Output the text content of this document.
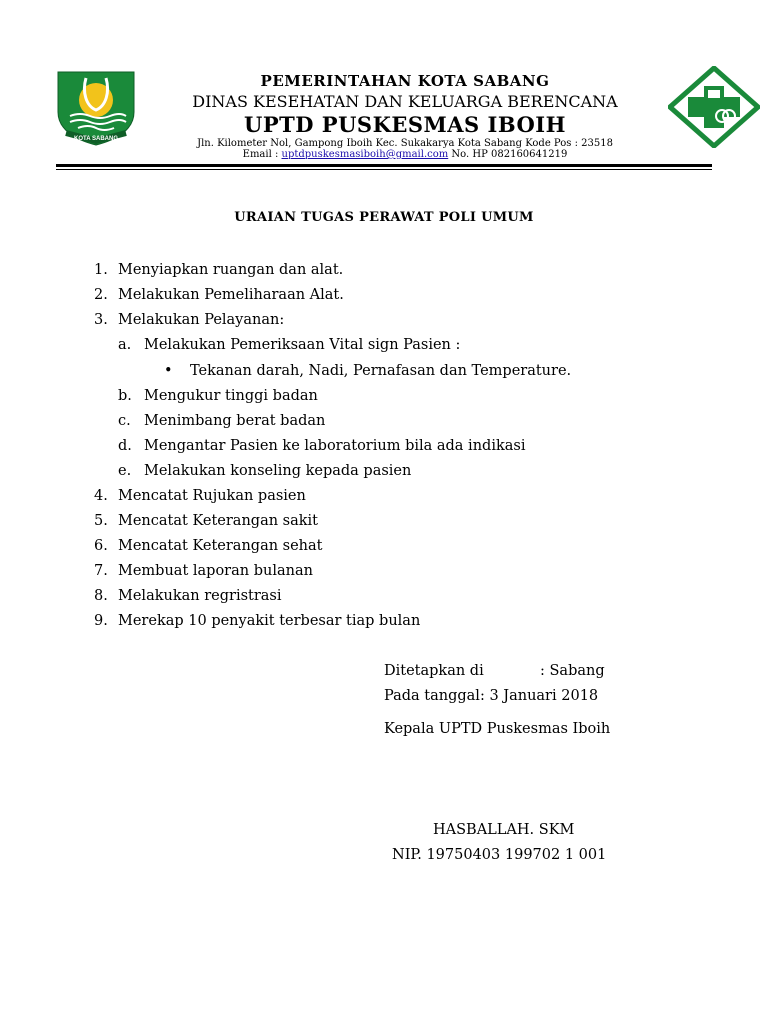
KOTA SABANG
PEMERINTAHAN KOTA SABANG
DINAS KESEHATAN DAN KELUARGA BERENCANA
UPTD PUSKESMAS IBOIH
Jln. Kilometer Nol, Gampong Iboih Kec. Sukakarya Kota Sabang Kode Pos : 23518
Email : uptdpuskesmasiboih@gmail.com No. HP 082160641219
URAIAN TUGAS PERAWAT POLI UMUM
1. Menyiapkan ruangan dan alat.
2. Melakukan Pemeliharaan Alat.
3. Melakukan Pelayanan:
a. Melakukan Pemeriksaan Vital sign Pasien :
• Tekanan darah, Nadi, Pernafasan dan Temperature.
b. Mengukur tinggi badan
c. Menimbang berat badan
d. Mengantar Pasien ke laboratorium bila ada indikasi
e. Melakukan konseling kepada pasien
4. Mencatat Rujukan pasien
5. Mencatat Keterangan sakit
6. Mencatat Keterangan sehat
7. Membuat laporan bulanan
8. Melakukan regristrasi
9. Merekap 10 penyakit terbesar tiap bulan
Ditetapkan di	: Sabang
Pada tanggal: 3 Januari 2018
Kepala UPTD Puskesmas Iboih
HASBALLAH. SKM
NIP. 19750403 199702 1 001
